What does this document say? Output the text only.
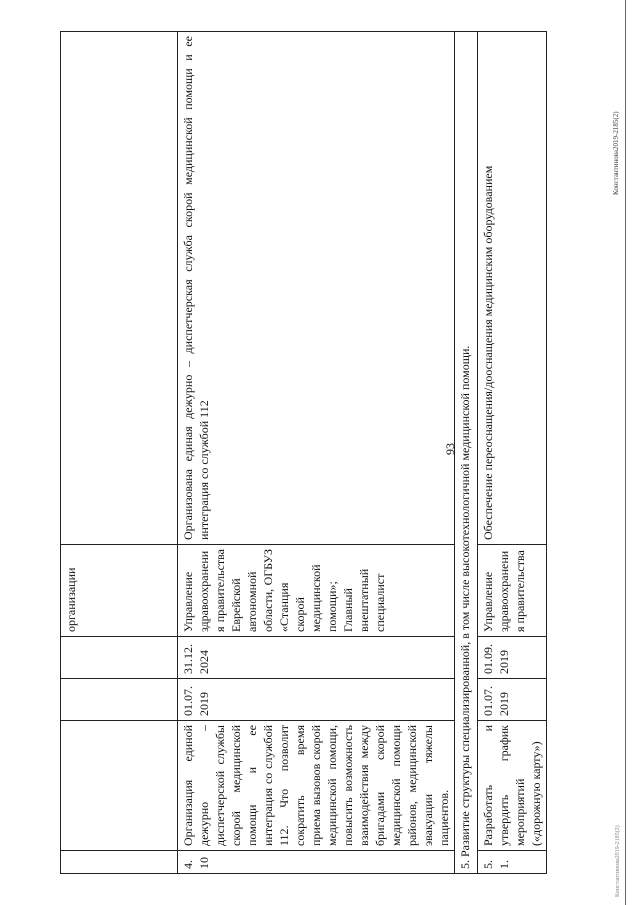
93
				организации	
4.10	Организация единой дежурно – диспетчерской службы скорой медицинской помощи и ее интеграция со службой 112. Что позволит сократить время приема вызовов скорой медицинской помощи, повысить возможность взаимодействия между бригадами скорой медицинской помощи районов, медицинской эвакуации тяжелы пациентов.	01.07.2019	31.12.2024	Управление здравоохранения правительства Еврейской автономной области, ОГБУЗ «Станция скорой медицинской помощи»; Главный внештатный специалист	Организована единая дежурно – диспетчерская служба скорой медицинской помощи и ее интеграция со службой 112
5. Развитие структуры специализированной, в том числе высокотехнологичной медицинской помощи.					
5.1.	Разработать и утвердить график мероприятий («дорожную карту»)	01.07.2019	01.09.2019	Управление здравоохранения правительства	Обеспечение переоснащения/дооснащения медицинским оборудованием
Константинова2019-2185(2)
Константинова2019-2185(2)
